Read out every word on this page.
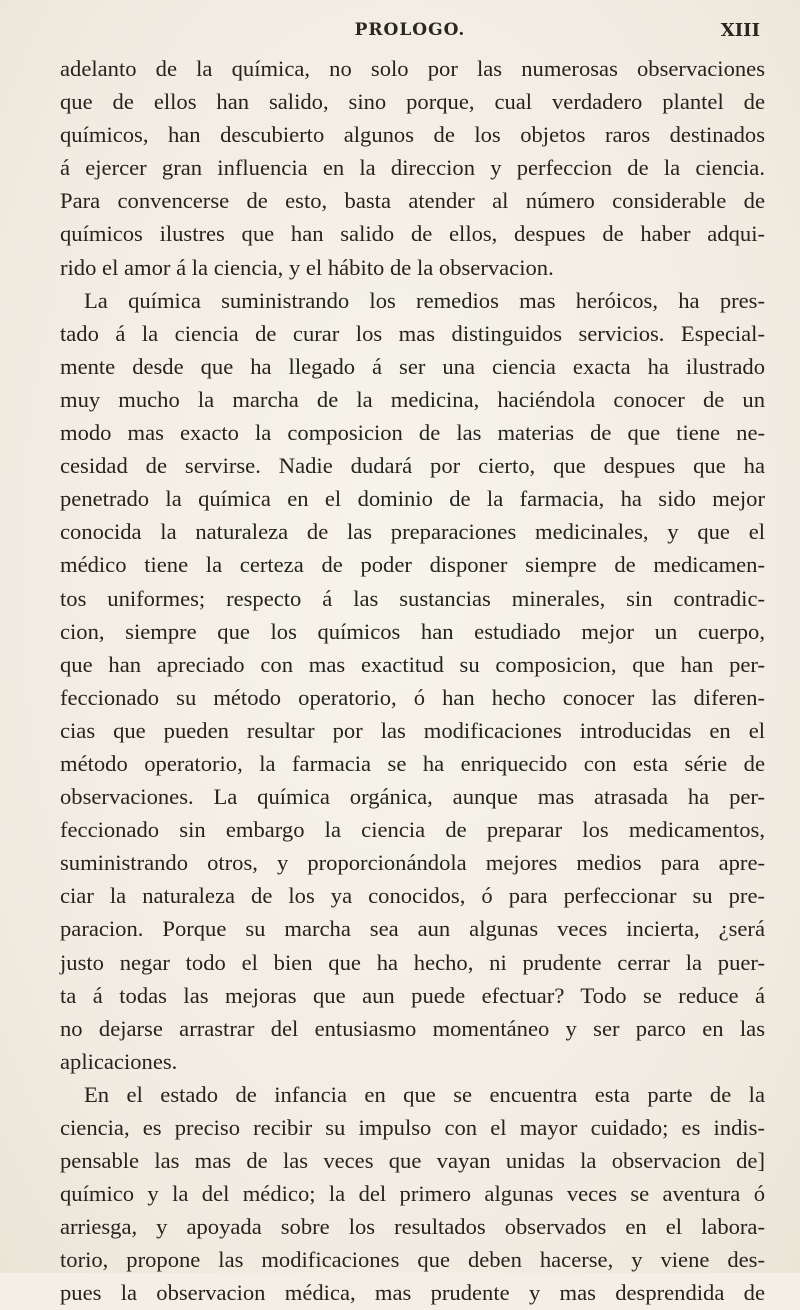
PROLOGO.	XIII
adelanto de la química, no solo por las numerosas observaciones
que de ellos han salido, sino porque, cual verdadero plantel de
químicos, han descubierto algunos de los objetos raros destinados
á ejercer gran influencia en la direccion y perfeccion de la ciencia.
Para convencerse de esto, basta atender al número considerable de
químicos ilustres que han salido de ellos, despues de haber adqui-
rido el amor á la ciencia, y el hábito de la observacion.
La química suministrando los remedios mas heróicos, ha pres-
tado á la ciencia de curar los mas distinguidos servicios. Especial-
mente desde que ha llegado á ser una ciencia exacta ha ilustrado
muy mucho la marcha de la medicina, haciéndola conocer de un
modo mas exacto la composicion de las materias de que tiene ne-
cesidad de servirse. Nadie dudará por cierto, que despues que ha
penetrado la química en el dominio de la farmacia, ha sido mejor
conocida la naturaleza de las preparaciones medicinales, y que el
médico tiene la certeza de poder disponer siempre de medicamen-
tos uniformes; respecto á las sustancias minerales, sin contradic-
cion, siempre que los químicos han estudiado mejor un cuerpo,
que han apreciado con mas exactitud su composicion, que han per-
feccionado su método operatorio, ó han hecho conocer las diferen-
cias que pueden resultar por las modificaciones introducidas en el
método operatorio, la farmacia se ha enriquecido con esta série de
observaciones. La química orgánica, aunque mas atrasada ha per-
feccionado sin embargo la ciencia de preparar los medicamentos,
suministrando otros, y proporcionándola mejores medios para apre-
ciar la naturaleza de los ya conocidos, ó para perfeccionar su pre-
paracion. Porque su marcha sea aun algunas veces incierta, ¿será
justo negar todo el bien que ha hecho, ni prudente cerrar la puer-
ta á todas las mejoras que aun puede efectuar? Todo se reduce á
no dejarse arrastrar del entusiasmo momentáneo y ser parco en las
aplicaciones.
En el estado de infancia en que se encuentra esta parte de la
ciencia, es preciso recibir su impulso con el mayor cuidado; es indis-
pensable las mas de las veces que vayan unidas la observacion de]
químico y la del médico; la del primero algunas veces se aventura ó
arriesga, y apoyada sobre los resultados observados en el labora-
torio, propone las modificaciones que deben hacerse, y viene des-
pues la observacion médica, mas prudente y mas desprendida de
